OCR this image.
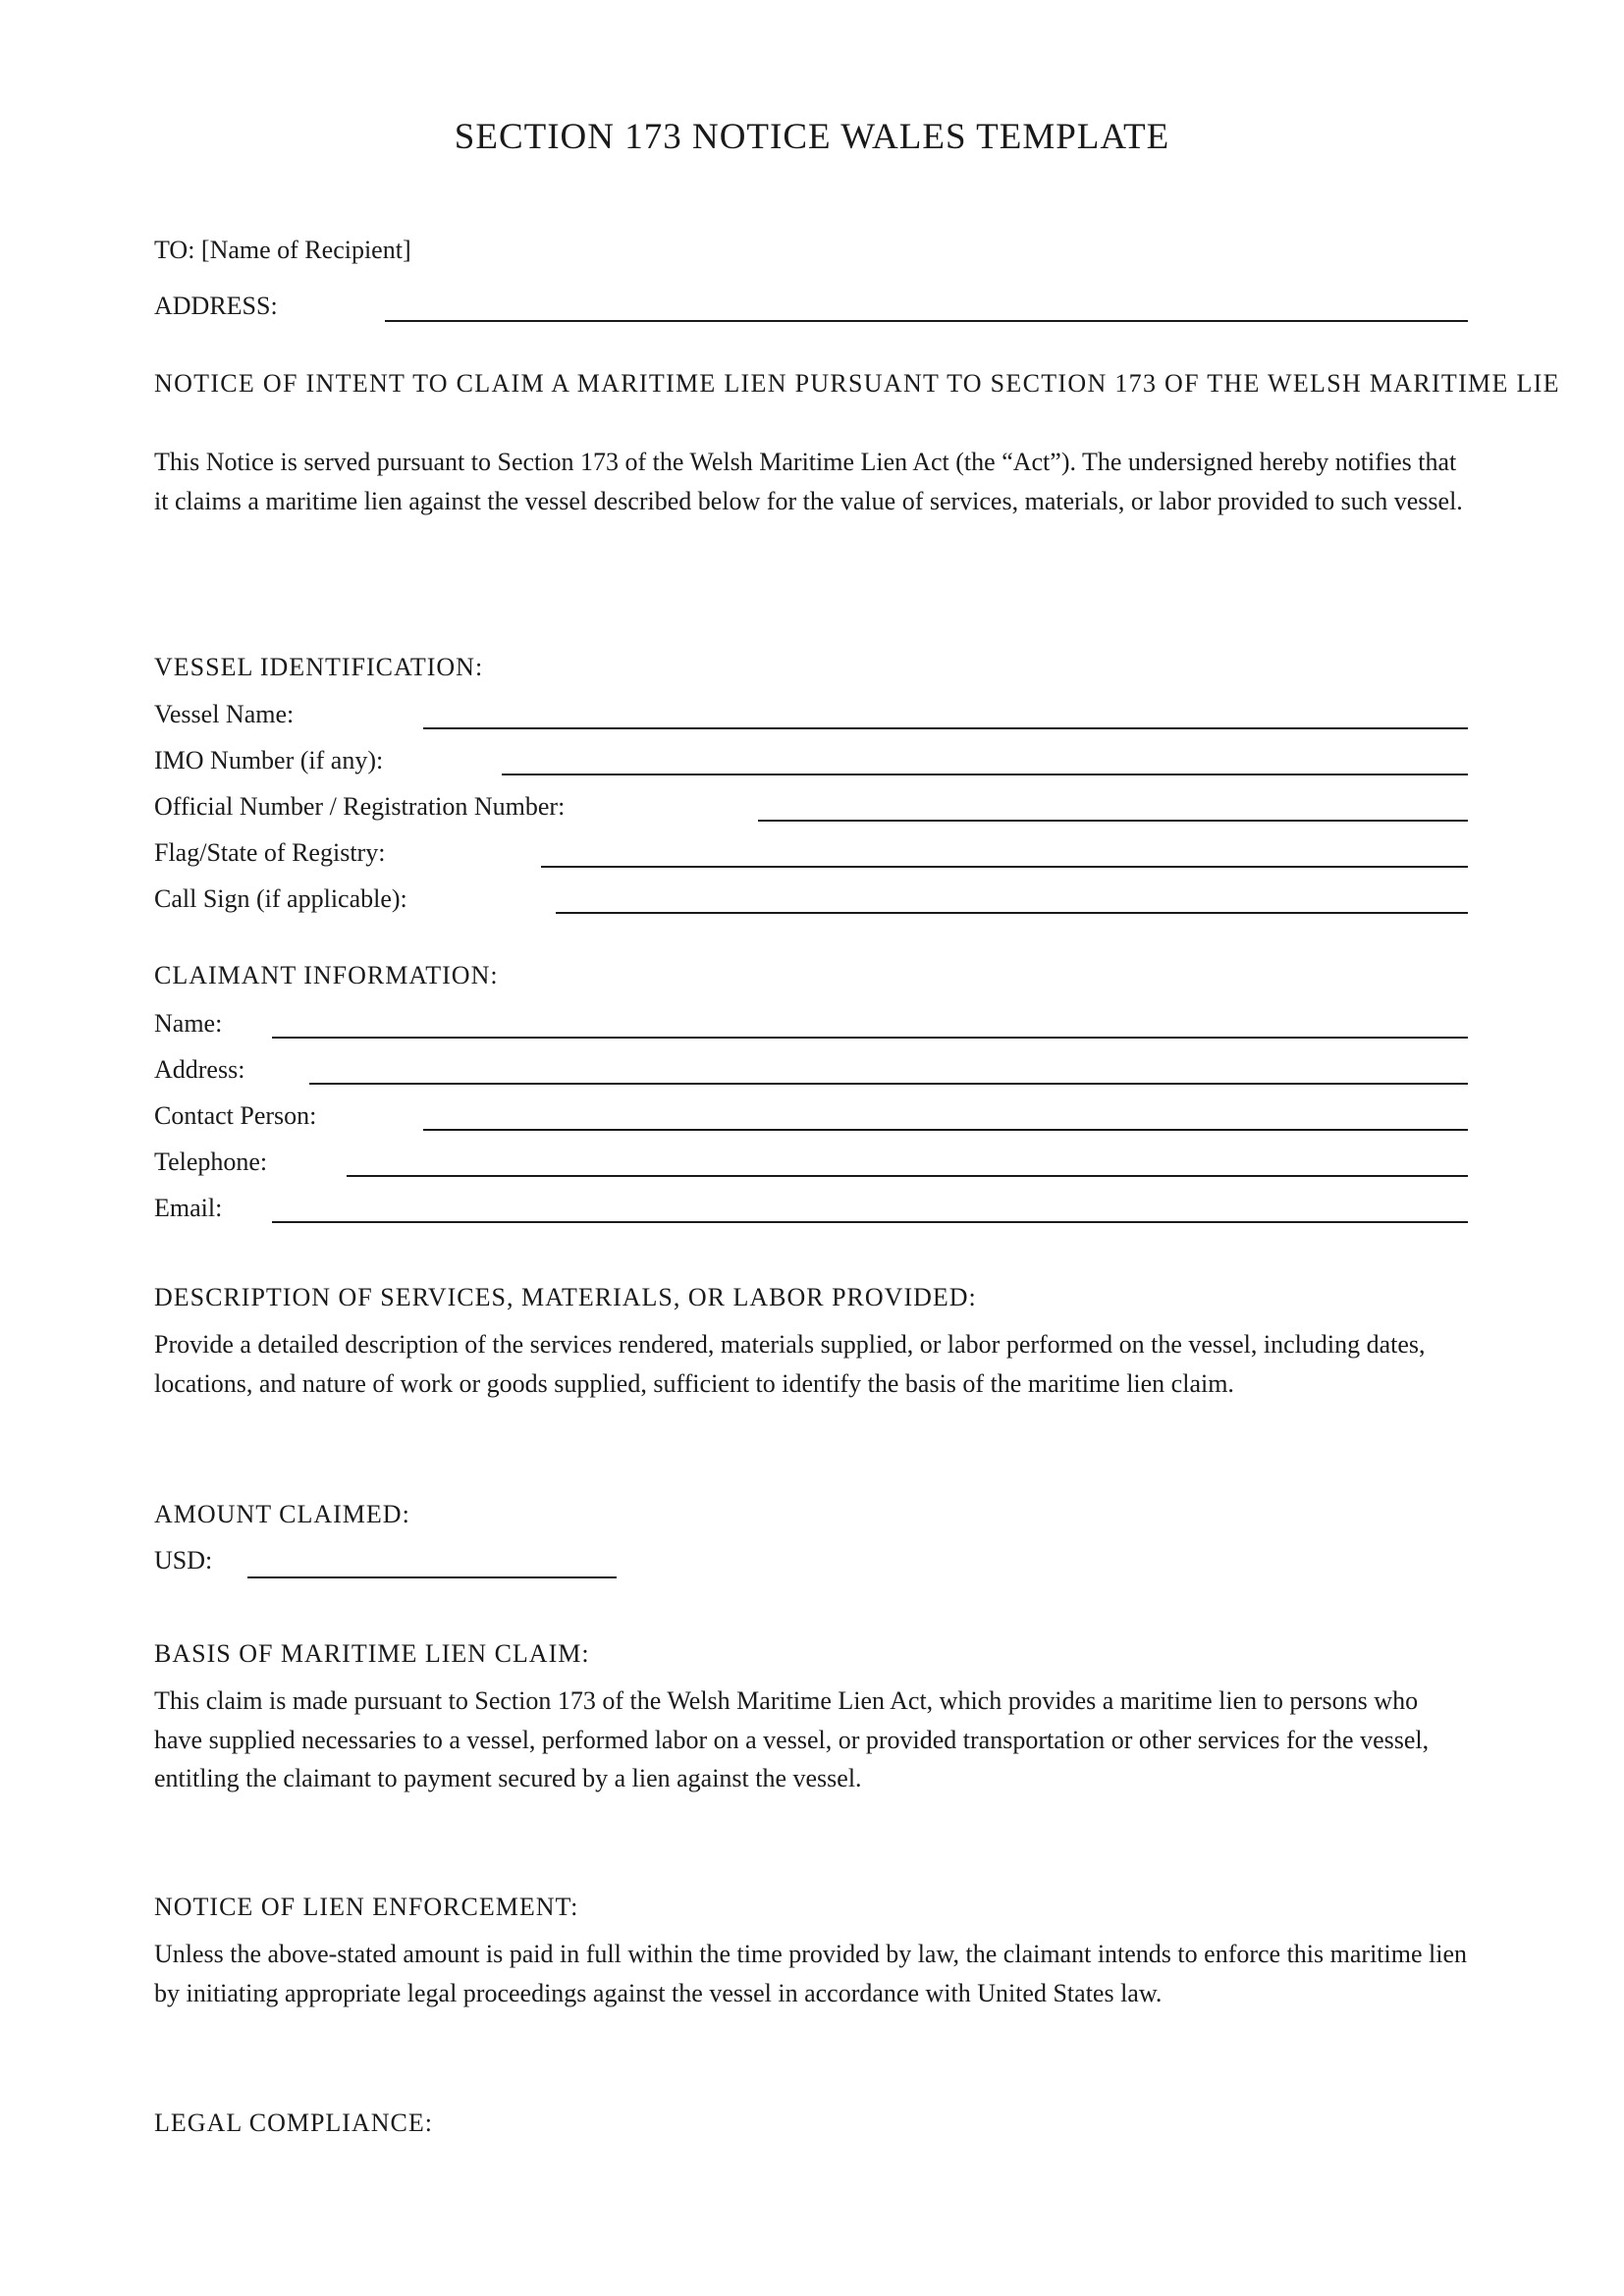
SECTION 173 NOTICE WALES TEMPLATE
TO: [Name of Recipient]
ADDRESS:
NOTICE OF INTENT TO CLAIM A MARITIME LIEN PURSUANT TO SECTION 173 OF THE WELSH MARITIME LIE
This Notice is served pursuant to Section 173 of the Welsh Maritime Lien Act (the “Act”). The undersigned hereby notifies that it claims a maritime lien against the vessel described below for the value of services, materials, or labor provided to such vessel.
VESSEL IDENTIFICATION:
Vessel Name:
IMO Number (if any):
Official Number / Registration Number:
Flag/State of Registry:
Call Sign (if applicable):
CLAIMANT INFORMATION:
Name:
Address:
Contact Person:
Telephone:
Email:
DESCRIPTION OF SERVICES, MATERIALS, OR LABOR PROVIDED:
Provide a detailed description of the services rendered, materials supplied, or labor performed on the vessel, including dates, locations, and nature of work or goods supplied, sufficient to identify the basis of the maritime lien claim.
AMOUNT CLAIMED:
USD:
BASIS OF MARITIME LIEN CLAIM:
This claim is made pursuant to Section 173 of the Welsh Maritime Lien Act, which provides a maritime lien to persons who have supplied necessaries to a vessel, performed labor on a vessel, or provided transportation or other services for the vessel, entitling the claimant to payment secured by a lien against the vessel.
NOTICE OF LIEN ENFORCEMENT:
Unless the above-stated amount is paid in full within the time provided by law, the claimant intends to enforce this maritime lien by initiating appropriate legal proceedings against the vessel in accordance with United States law.
LEGAL COMPLIANCE:
